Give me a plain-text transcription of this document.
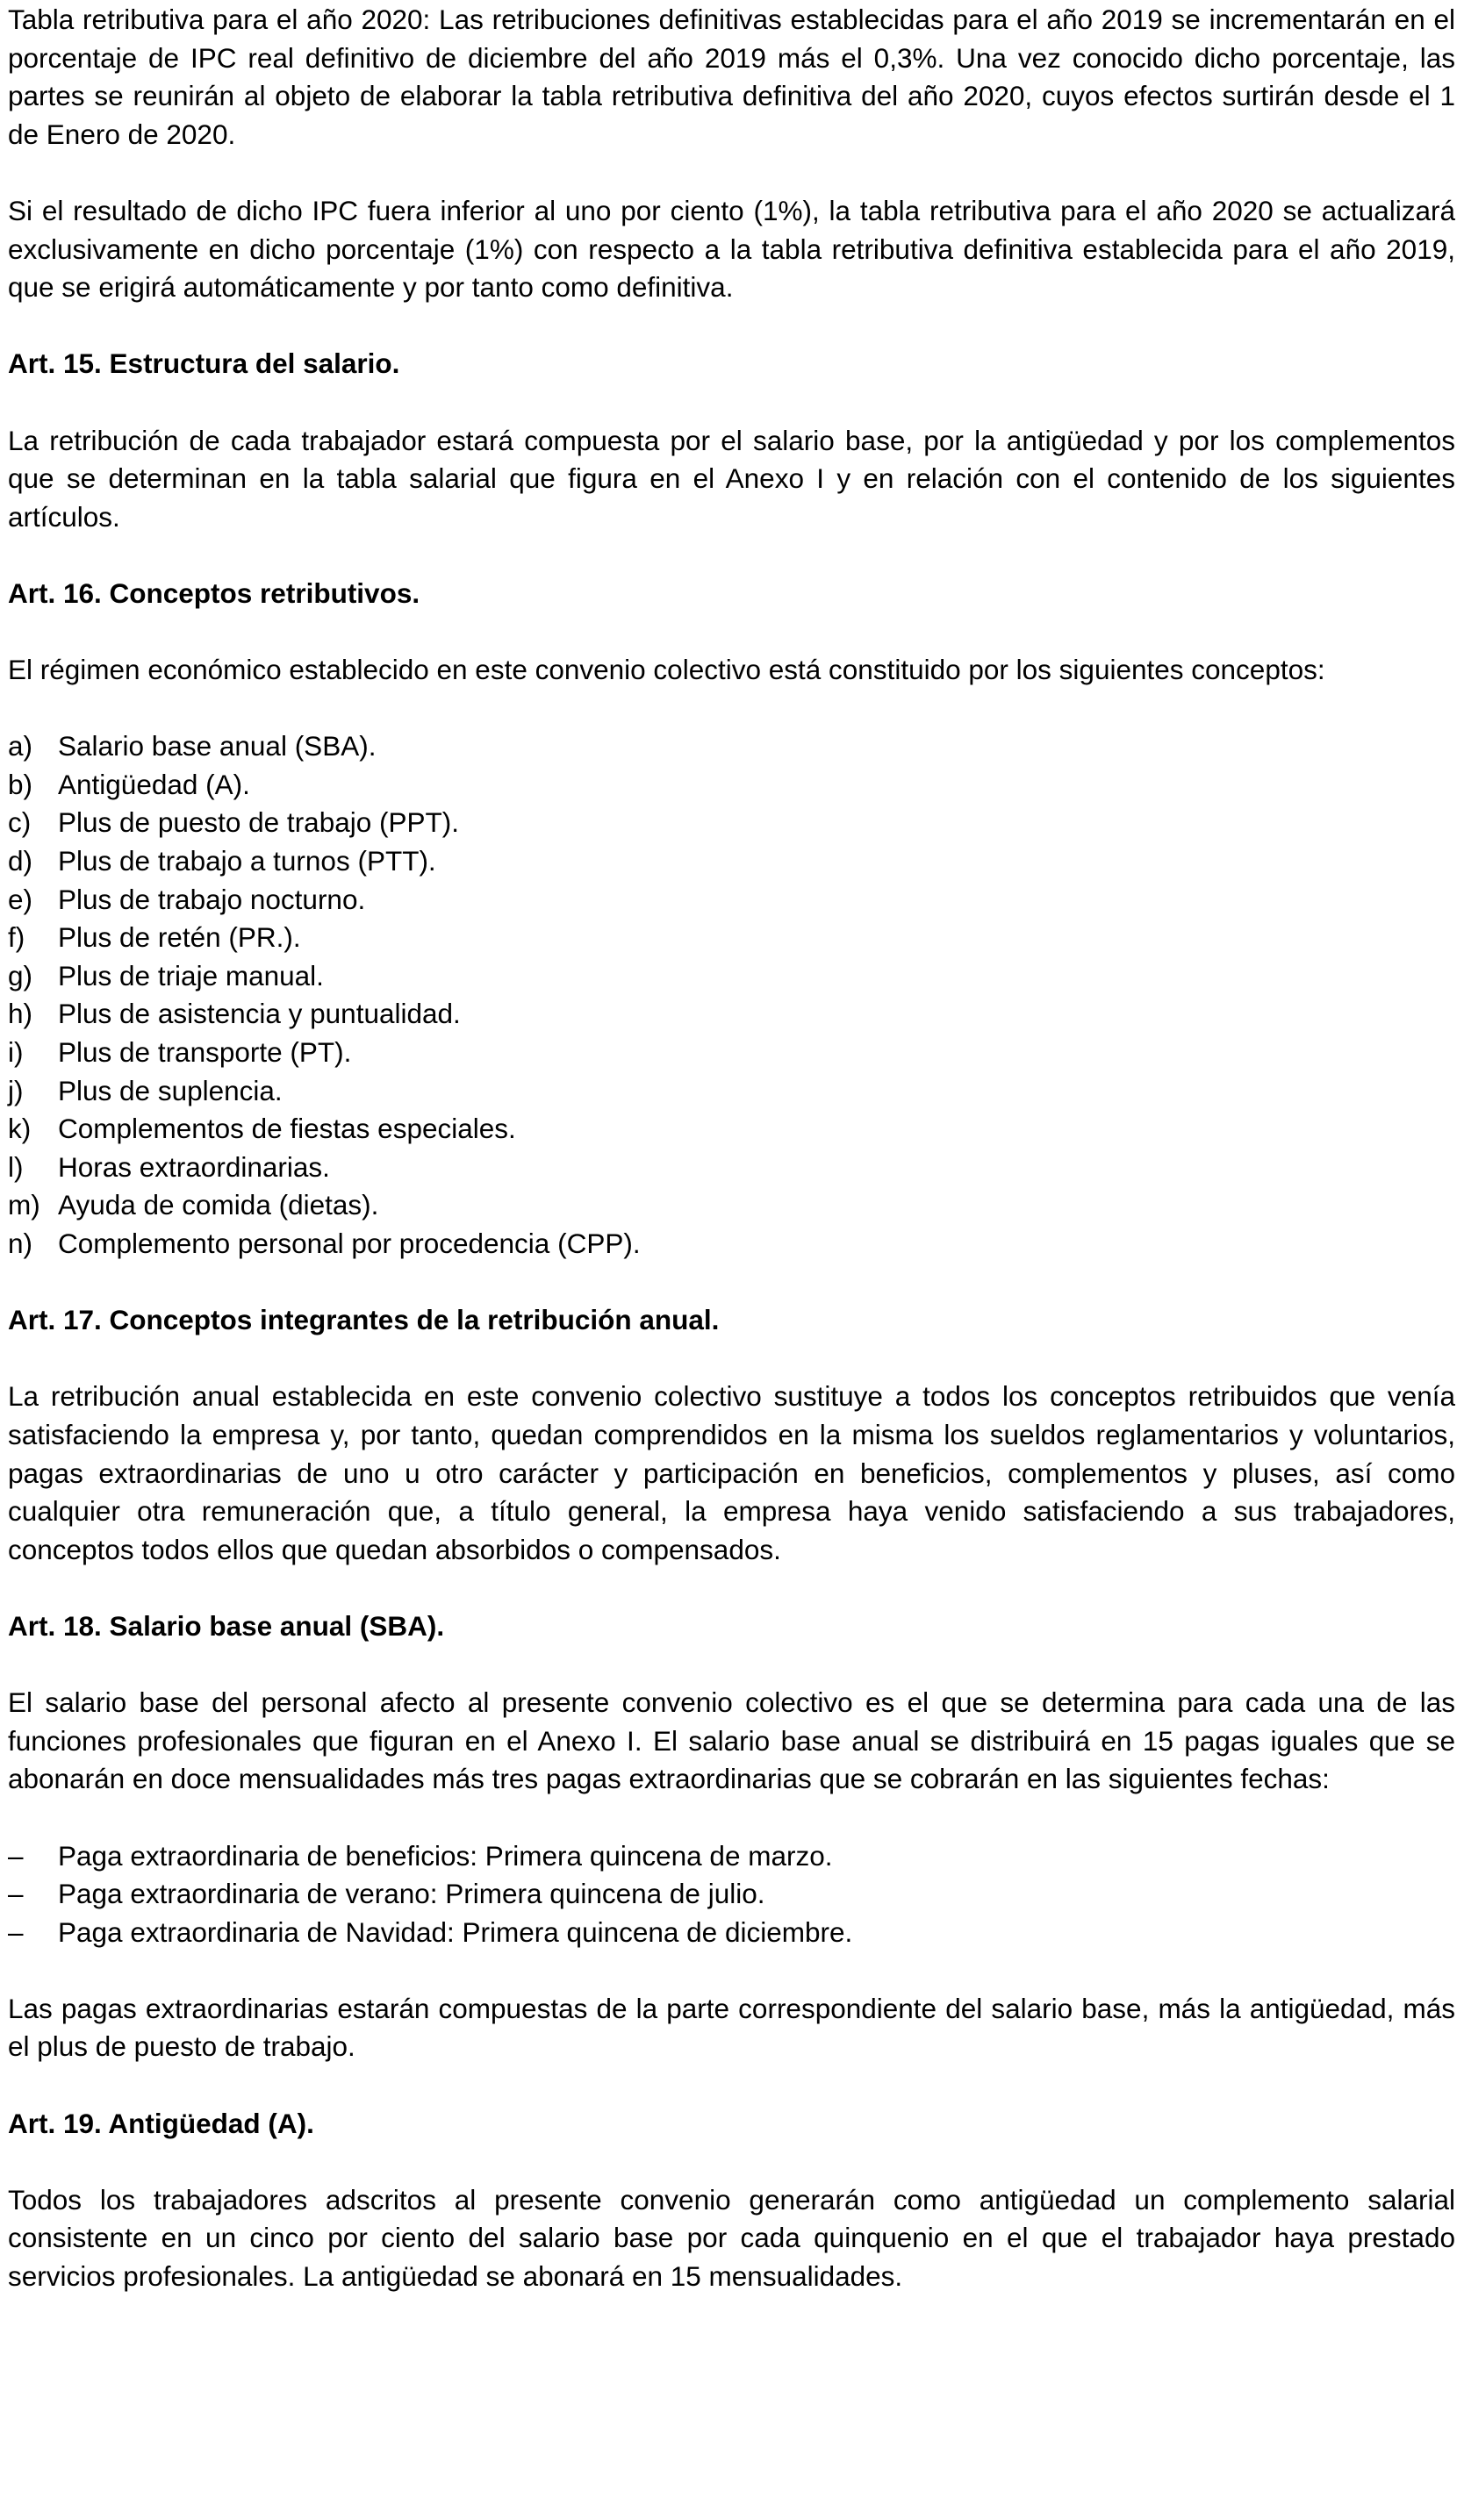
Tabla retributiva para el año 2020: Las retribuciones definitivas establecidas para el año 2019 se incrementarán en el porcentaje de IPC real definitivo de diciembre del año 2019 más el 0,3%. Una vez conocido dicho porcentaje, las partes se reunirán al objeto de elaborar la tabla retributiva definitiva del año 2020, cuyos efectos surtirán desde el 1 de Enero de 2020.
Si el resultado de dicho IPC fuera inferior al uno por ciento (1%), la tabla retributiva para el año 2020 se actualizará exclusivamente en dicho porcentaje (1%) con respecto a la tabla retributiva definitiva establecida para el año 2019, que se erigirá automáticamente y por tanto como definitiva.
Art. 15. Estructura del salario.
La retribución de cada trabajador estará compuesta por el salario base, por la antigüedad y por los complementos que se determinan en la tabla salarial que figura en el Anexo I y en relación con el contenido de los siguientes artículos.
Art. 16. Conceptos retributivos.
El régimen económico establecido en este convenio colectivo está constituido por los siguientes conceptos:
a) Salario base anual (SBA).
b) Antigüedad (A).
c) Plus de puesto de trabajo (PPT).
d) Plus de trabajo a turnos (PTT).
e) Plus de trabajo nocturno.
f)	Plus de retén (PR.).
g) Plus de triaje manual.
h) Plus de asistencia y puntualidad.
i)	Plus de transporte (PT).
j)	Plus de suplencia.
k) Complementos de fiestas especiales.
l)	Horas extraordinarias.
m) Ayuda de comida (dietas).
n) Complemento personal por procedencia (CPP).
Art. 17. Conceptos integrantes de la retribución anual.
La retribución anual establecida en este convenio colectivo sustituye a todos los conceptos retribuidos que venía satisfaciendo la empresa y, por tanto, quedan comprendidos en la misma los sueldos reglamentarios y voluntarios, pagas extraordinarias de uno u otro carácter y participación en beneficios, complementos y pluses, así como cualquier otra remuneración que, a título general, la empresa haya venido satisfaciendo a sus trabajadores, conceptos todos ellos que quedan absorbidos o compensados.
Art. 18. Salario base anual (SBA).
El salario base del personal afecto al presente convenio colectivo es el que se determina para cada una de las funciones profesionales que figuran en el Anexo I. El salario base anual se distribuirá en 15 pagas iguales que se abonarán en doce mensualidades más tres pagas extraordinarias que se cobrarán en las siguientes fechas:
–	Paga extraordinaria de beneficios: Primera quincena de marzo.
–	Paga extraordinaria de verano: Primera quincena de julio.
–	Paga extraordinaria de Navidad: Primera quincena de diciembre.
Las pagas extraordinarias estarán compuestas de la parte correspondiente del salario base, más la antigüedad, más el plus de puesto de trabajo.
Art. 19. Antigüedad (A).
Todos los trabajadores adscritos al presente convenio generarán como antigüedad un complemento salarial consistente en un cinco por ciento del salario base por cada quinquenio en el que el trabajador haya prestado servicios profesionales. La antigüedad se abonará en 15 mensualidades.
